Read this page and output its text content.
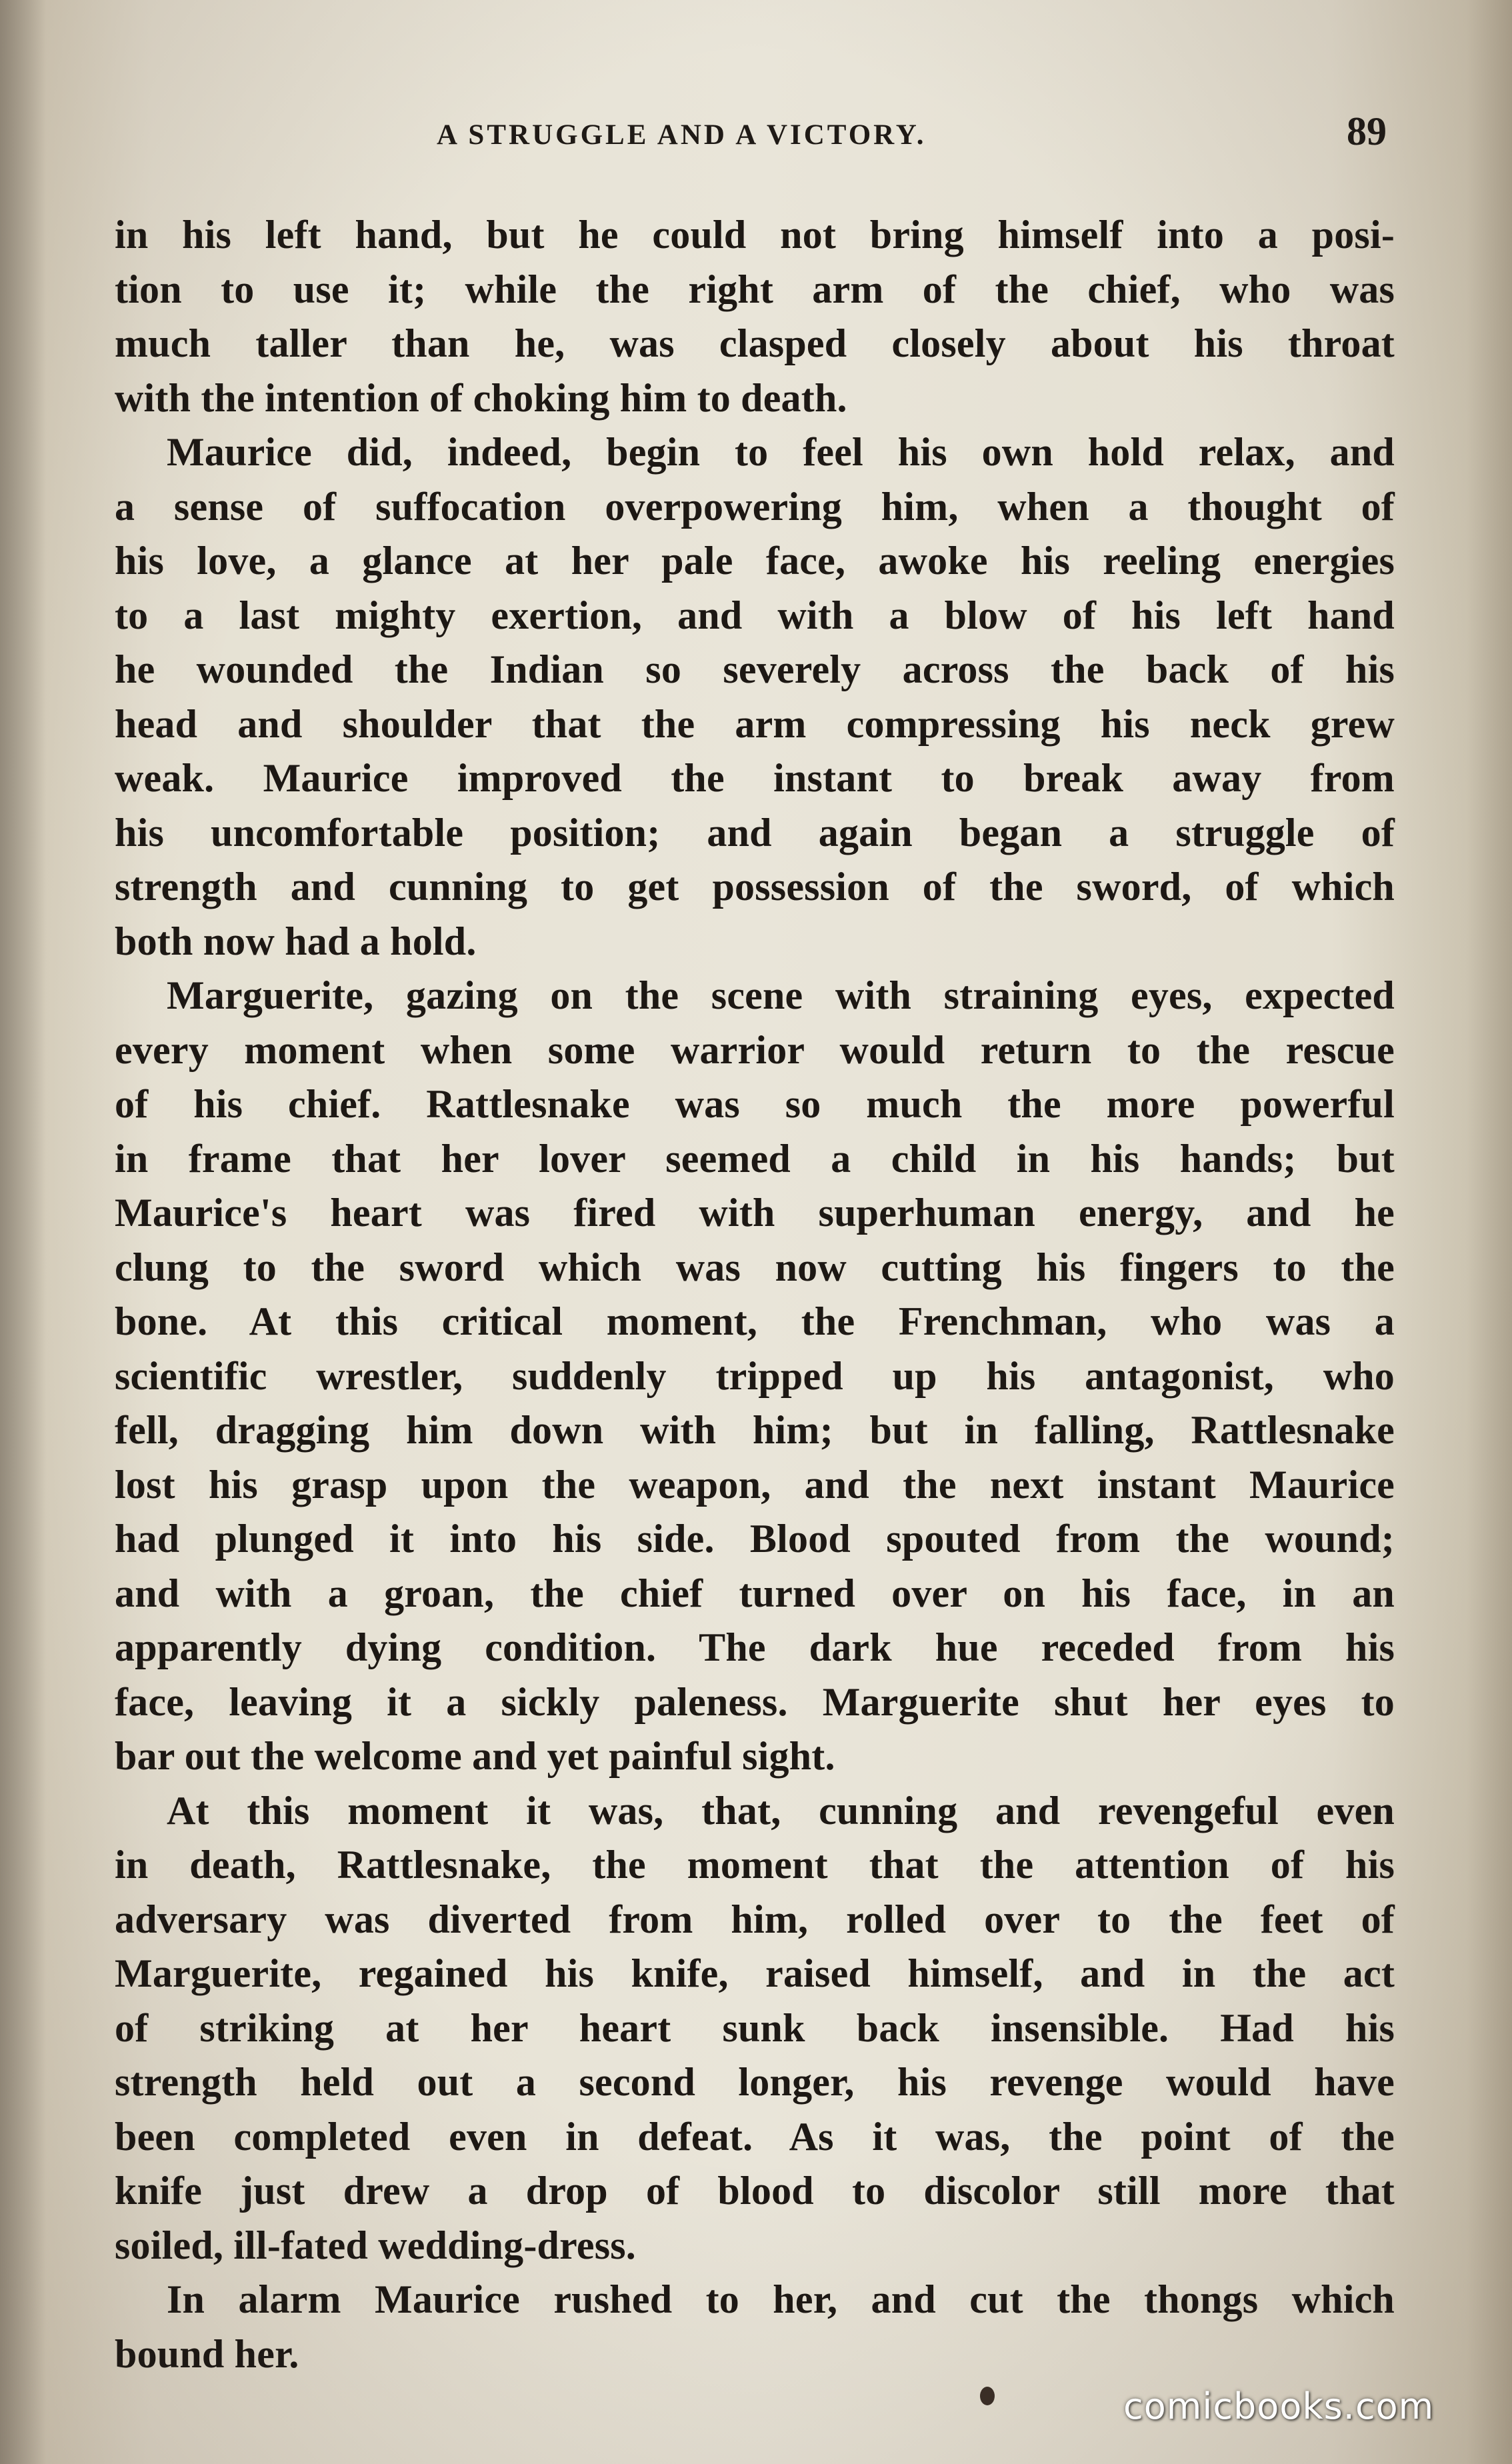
A STRUGGLE AND A VICTORY.	89
in his left hand, but he could not bring himself into a posi-
tion to use it; while the right arm of the chief, who was
much taller than he, was clasped closely about his throat
with the intention of choking him to death.
Maurice did, indeed, begin to feel his own hold relax, and
a sense of suffocation overpowering him, when a thought of
his love, a glance at her pale face, awoke his reeling energies
to a last mighty exertion, and with a blow of his left hand
he wounded the Indian so severely across the back of his
head and shoulder that the arm compressing his neck grew
weak. Maurice improved the instant to break away from
his uncomfortable position; and again began a struggle of
strength and cunning to get possession of the sword, of which
both now had a hold.
Marguerite, gazing on the scene with straining eyes, expected
every moment when some warrior would return to the rescue
of his chief. Rattlesnake was so much the more powerful
in frame that her lover seemed a child in his hands; but
Maurice's heart was fired with superhuman energy, and he
clung to the sword which was now cutting his fingers to the
bone. At this critical moment, the Frenchman, who was a
scientific wrestler, suddenly tripped up his antagonist, who
fell, dragging him down with him; but in falling, Rattlesnake
lost his grasp upon the weapon, and the next instant Maurice
had plunged it into his side. Blood spouted from the wound;
and with a groan, the chief turned over on his face, in an
apparently dying condition. The dark hue receded from his
face, leaving it a sickly paleness. Marguerite shut her eyes to
bar out the welcome and yet painful sight.
At this moment it was, that, cunning and revengeful even
in death, Rattlesnake, the moment that the attention of his
adversary was diverted from him, rolled over to the feet of
Marguerite, regained his knife, raised himself, and in the act
of striking at her heart sunk back insensible. Had his
strength held out a second longer, his revenge would have
been completed even in defeat. As it was, the point of the
knife just drew a drop of blood to discolor still more that
soiled, ill-fated wedding-dress.
In alarm Maurice rushed to her, and cut the thongs which
bound her.
comicbooks.com
